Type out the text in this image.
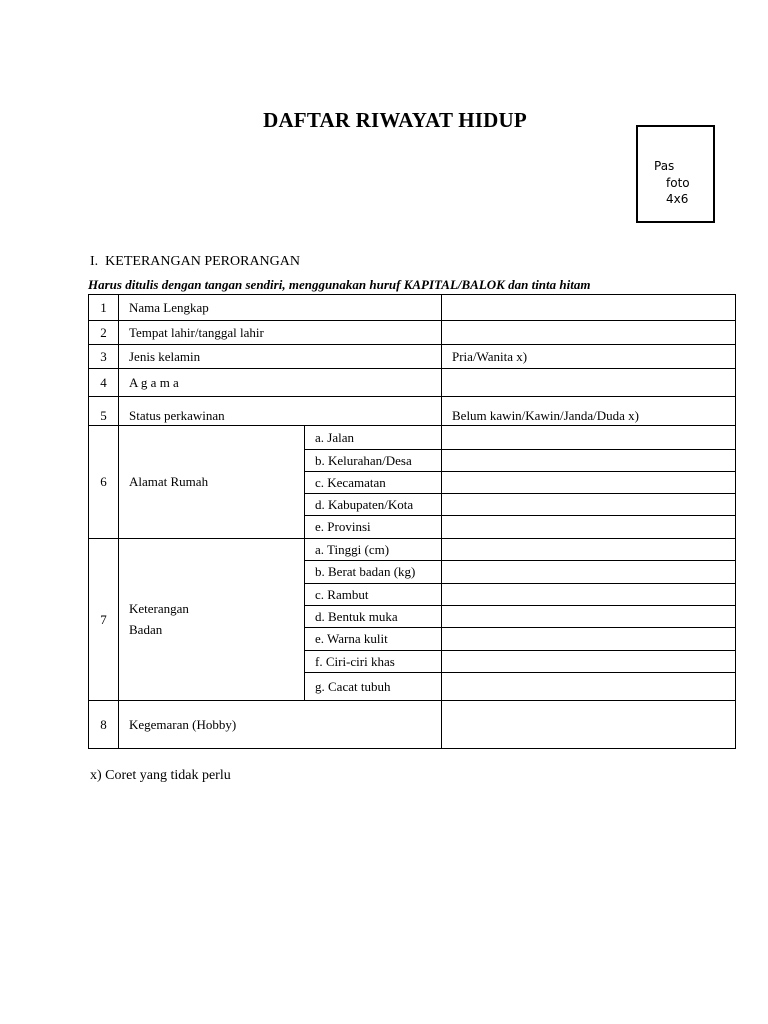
DAFTAR RIWAYAT HIDUP
Pas
foto
4x6
I. KETERANGAN PERORANGAN
Harus ditulis dengan tangan sendiri, menggunakan huruf KAPITAL/BALOK dan tinta hitam
1	Nama Lengkap		
2	Tempat lahir/tanggal lahir		
3	Jenis kelamin		Pria/Wanita x)
4	A g a m a		
5	Status perkawinan		Belum kawin/Kawin/Janda/Duda x)
6	Alamat Rumah	a. Jalan	
		b. Kelurahan/Desa	
		c. Kecamatan	
		d. Kabupaten/Kota	
		e. Provinsi	
7	Keterangan
Badan	a. Tinggi (cm)	
		b. Berat badan (kg)	
		c. Rambut	
		d. Bentuk muka	
		e. Warna kulit	
		f. Ciri-ciri khas	
		g. Cacat tubuh	
8	Kegemaran (Hobby)		
x) Coret yang tidak perlu
